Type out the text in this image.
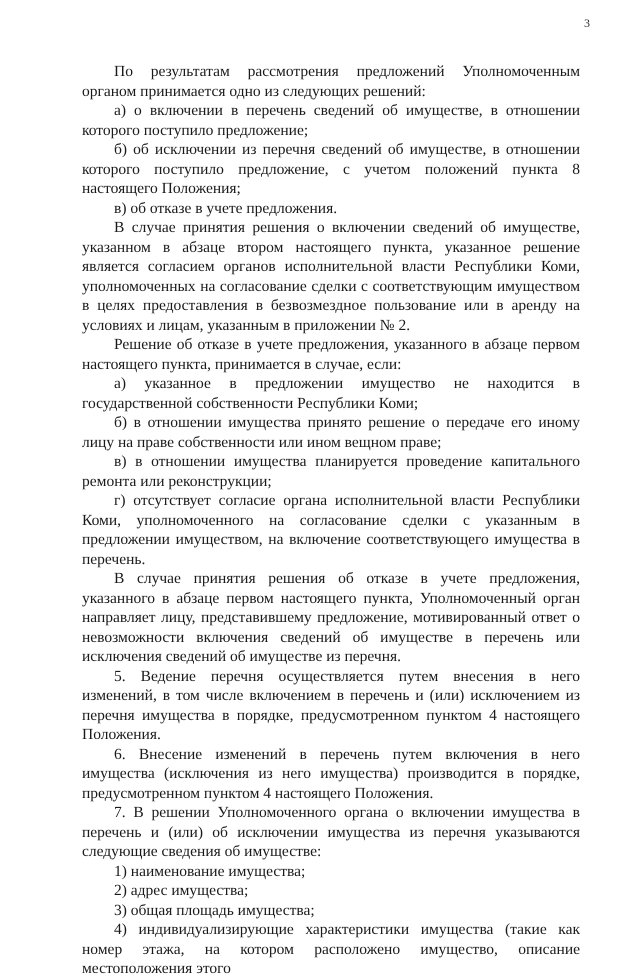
3

По результатам рассмотрения предложений Уполномоченным органом принимается одно из следующих решений:

а) о включении в перечень сведений об имуществе, в отношении которого поступило предложение;

б) об исключении из перечня сведений об имуществе, в отношении которого поступило предложение, с учетом положений пункта 8 настоящего Положения;

в) об отказе в учете предложения.

В случае принятия решения о включении сведений об имуществе, указанном в абзаце втором настоящего пункта, указанное решение является согласием органов исполнительной власти Республики Коми, уполномоченных на согласование сделки с соответствующим имуществом в целях предоставления в безвозмездное пользование или в аренду на условиях и лицам, указанным в приложении № 2.

Решение об отказе в учете предложения, указанного в абзаце первом настоящего пункта, принимается в случае, если:

а) указанное в предложении имущество не находится в государственной собственности Республики Коми;

б) в отношении имущества принято решение о передаче его иному лицу на праве собственности или ином вещном праве;

в) в отношении имущества планируется проведение капитального ремонта или реконструкции;

г) отсутствует согласие органа исполнительной власти Республики Коми, уполномоченного на согласование сделки с указанным в предложении имуществом, на включение соответствующего имущества в перечень.

В случае принятия решения об отказе в учете предложения, указанного в абзаце первом настоящего пункта, Уполномоченный орган направляет лицу, представившему предложение, мотивированный ответ о невозможности включения сведений об имуществе в перечень или исключения сведений об имуществе из перечня.

5. Ведение перечня осуществляется путем внесения в него изменений, в том числе включением в перечень и (или) исключением из перечня имущества в порядке, предусмотренном пунктом 4 настоящего Положения.

6. Внесение изменений в перечень путем включения в него имущества (исключения из него имущества) производится в порядке, предусмотренном пунктом 4 настоящего Положения.

7. В решении Уполномоченного органа о включении имущества в перечень и (или) об исключении имущества из перечня указываются следующие сведения об имуществе:

1) наименование имущества;

2) адрес имущества;

3) общая площадь имущества;

4) индивидуализирующие характеристики имущества (такие как номер этажа, на котором расположено имущество, описание местоположения этого
